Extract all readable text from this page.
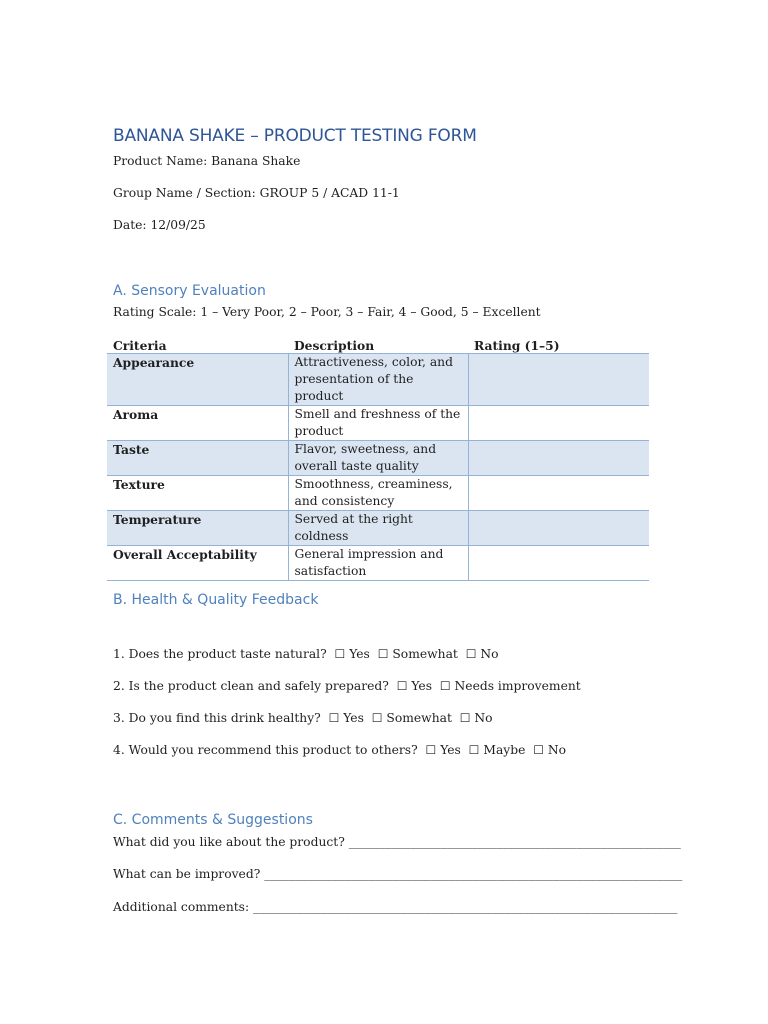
BANANA SHAKE – PRODUCT TESTING FORM
Product Name: Banana Shake
Group Name / Section: GROUP 5 / ACAD 11-1
Date: 12/09/25
A. Sensory Evaluation
Rating Scale: 1 – Very Poor, 2 – Poor, 3 – Fair, 4 – Good, 5 – Excellent
Criteria	Description	Rating (1–5)
Appearance	Attractiveness, color, and presentation of the product	
Aroma	Smell and freshness of the product	
Taste	Flavor, sweetness, and overall taste quality	
Texture	Smoothness, creaminess, and consistency	
Temperature	Served at the right coldness	
Overall Acceptability	General impression and satisfaction	
B. Health & Quality Feedback
1. Does the product taste natural? ☐ Yes ☐ Somewhat ☐ No
2. Is the product clean and safely prepared? ☐ Yes ☐ Needs improvement
3. Do you find this drink healthy? ☐ Yes ☐ Somewhat ☐ No
4. Would you recommend this product to others? ☐ Yes ☐ Maybe ☐ No
C. Comments & Suggestions
What did you like about the product? ______________________________________________________
What can be improved? ____________________________________________________________________
Additional comments: _____________________________________________________________________
